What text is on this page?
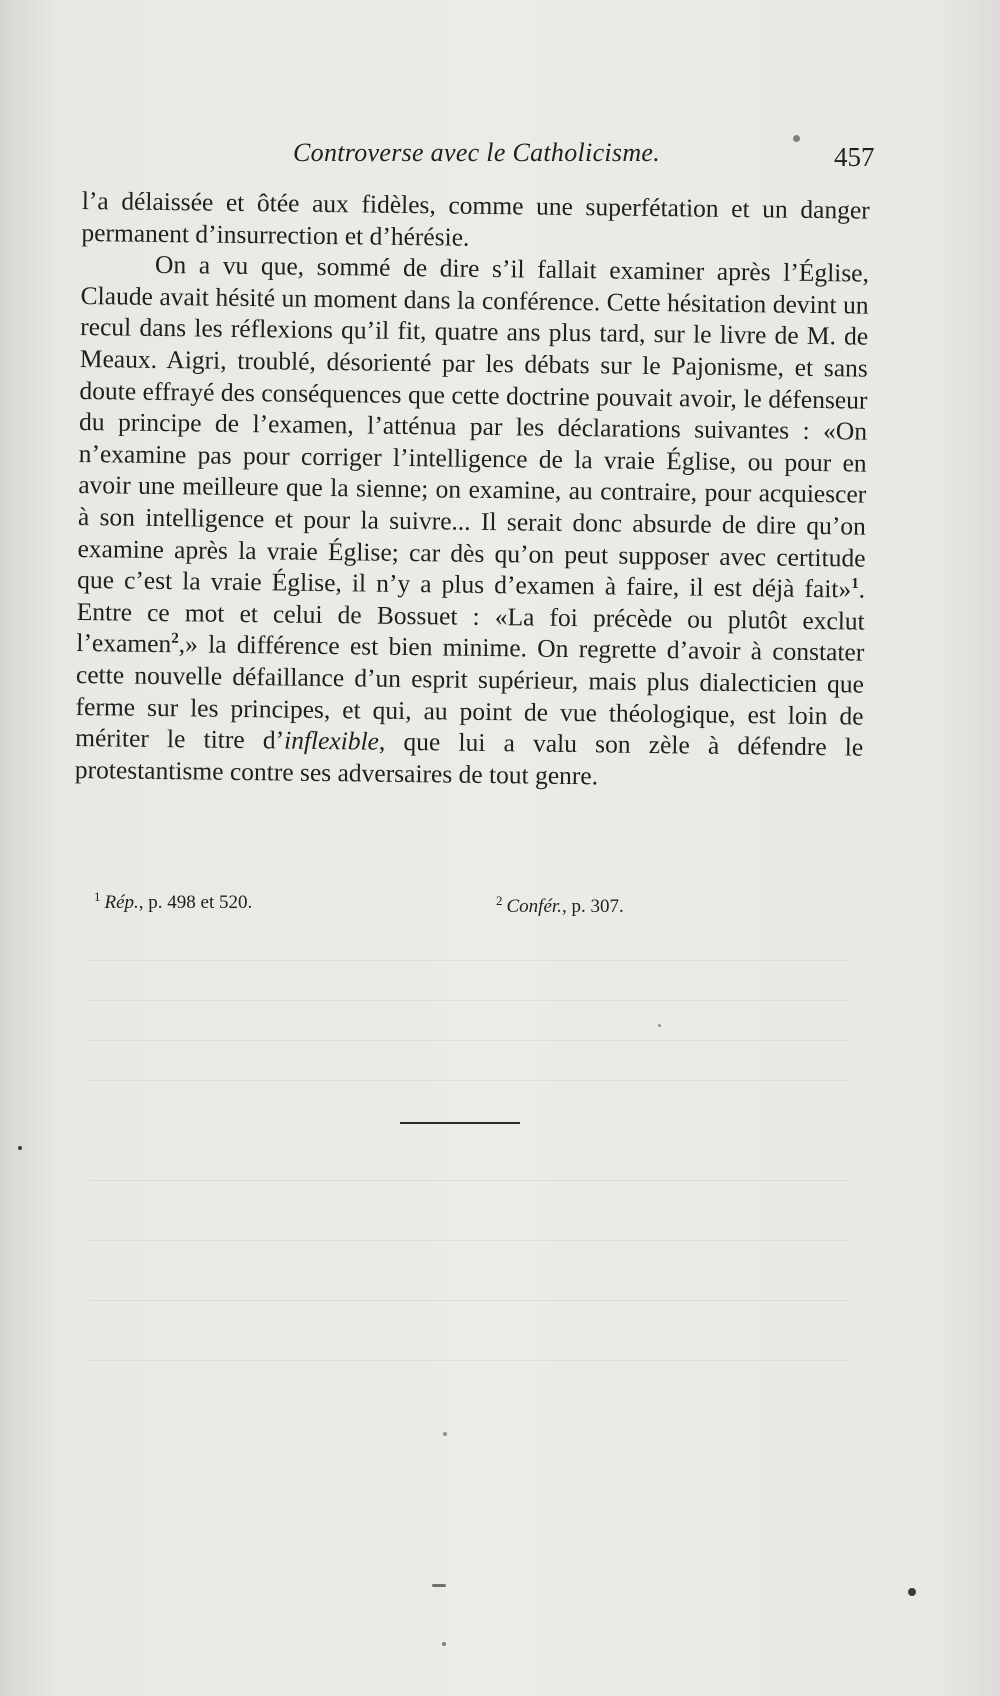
Controverse avec le Catholicisme.	457

l’a délaissée et ôtée aux fidèles, comme une superfétation et un danger permanent d’insurrection et d’hérésie.

On a vu que, sommé de dire s’il fallait examiner après l’Église, Claude avait hésité un moment dans la conférence. Cette hésitation devint un recul dans les réflexions qu’il fit, quatre ans plus tard, sur le livre de M. de Meaux. Aigri, troublé, désorienté par les débats sur le Pajonisme, et sans doute effrayé des conséquences que cette doctrine pouvait avoir, le défenseur du principe de l’examen, l’atténua par les déclarations suivantes : «On n’examine pas pour corriger l’intelligence de la vraie Église, ou pour en avoir une meilleure que la sienne; on examine, au contraire, pour acquiescer à son intelligence et pour la suivre... Il serait donc absurde de dire qu’on examine après la vraie Église; car dès qu’on peut supposer avec certitude que c’est la vraie Église, il n’y a plus d’examen à faire, il est déjà fait»$^1$. Entre ce mot et celui de Bossuet : «La foi précède ou plutôt exclut l’examen$^2$,» la différence est bien minime. On regrette d’avoir à constater cette nouvelle défaillance d’un esprit supérieur, mais plus dialecticien que ferme sur les principes, et qui, au point de vue théologique, est loin de mériter le titre d’inflexible, que lui a valu son zèle à défendre le protestantisme contre ses adversaires de tout genre.

$^1$ Rép., p. 498 et 520.	$^2$ Confér., p. 307.
